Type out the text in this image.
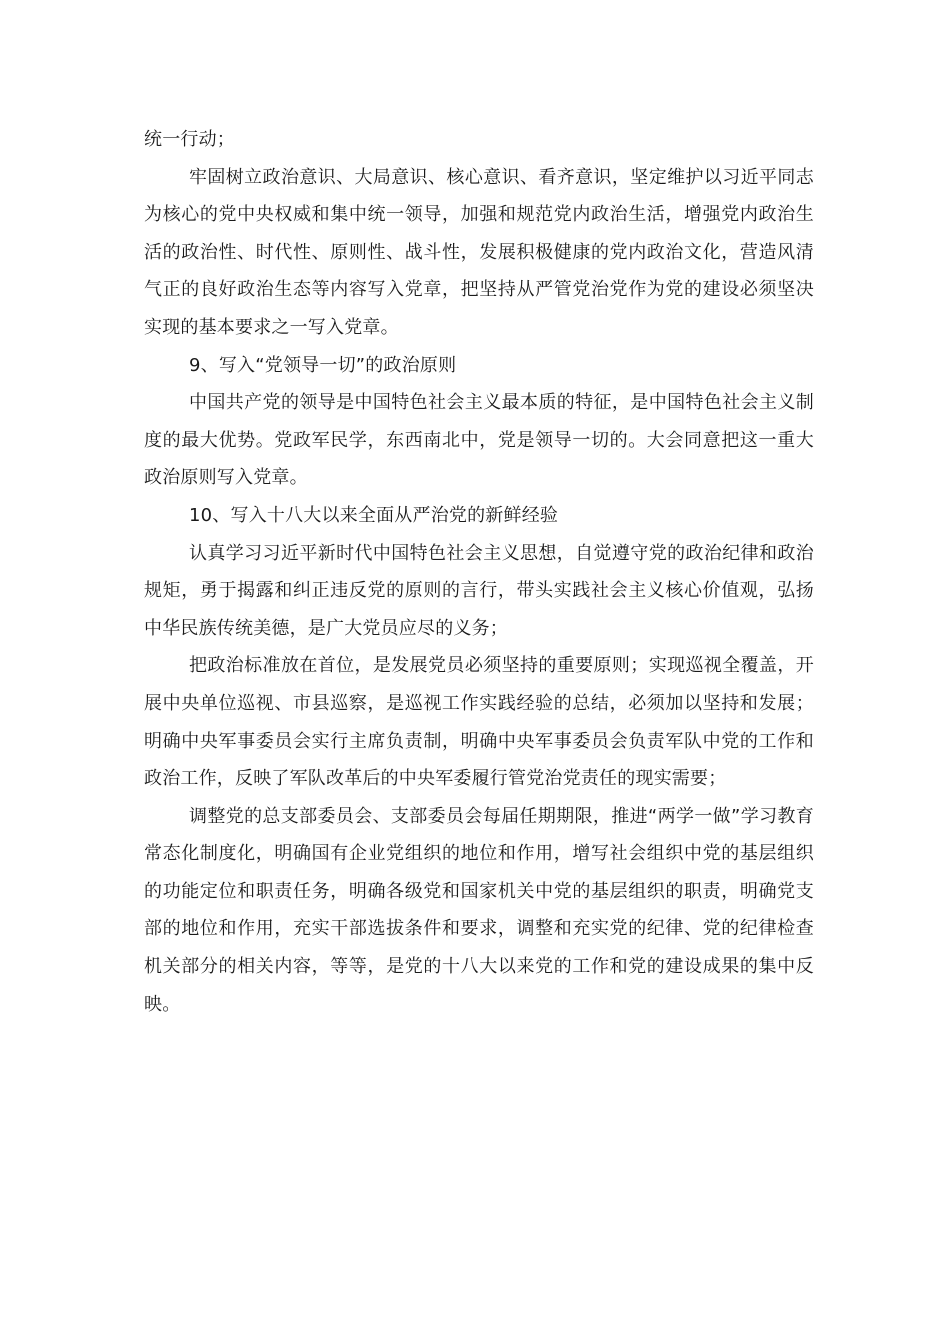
统一行动；

牢固树立政治意识、大局意识、核心意识、看齐意识，坚定维护以习近平同志为核心的党中央权威和集中统一领导，加强和规范党内政治生活，增强党内政治生活的政治性、时代性、原则性、战斗性，发展积极健康的党内政治文化，营造风清气正的良好政治生态等内容写入党章，把坚持从严管党治党作为党的建设必须坚决实现的基本要求之一写入党章。

9、写入“党领导一切”的政治原则

中国共产党的领导是中国特色社会主义最本质的特征，是中国特色社会主义制度的最大优势。党政军民学，东西南北中，党是领导一切的。大会同意把这一重大政治原则写入党章。

10、写入十八大以来全面从严治党的新鲜经验

认真学习习近平新时代中国特色社会主义思想，自觉遵守党的政治纪律和政治规矩，勇于揭露和纠正违反党的原则的言行，带头实践社会主义核心价值观，弘扬中华民族传统美德，是广大党员应尽的义务；

把政治标准放在首位，是发展党员必须坚持的重要原则；实现巡视全覆盖，开展中央单位巡视、市县巡察，是巡视工作实践经验的总结，必须加以坚持和发展；明确中央军事委员会实行主席负责制，明确中央军事委员会负责军队中党的工作和政治工作，反映了军队改革后的中央军委履行管党治党责任的现实需要；

调整党的总支部委员会、支部委员会每届任期期限，推进“两学一做”学习教育常态化制度化，明确国有企业党组织的地位和作用，增写社会组织中党的基层组织的功能定位和职责任务，明确各级党和国家机关中党的基层组织的职责，明确党支部的地位和作用，充实干部选拔条件和要求，调整和充实党的纪律、党的纪律检查机关部分的相关内容，等等，是党的十八大以来党的工作和党的建设成果的集中反映。
